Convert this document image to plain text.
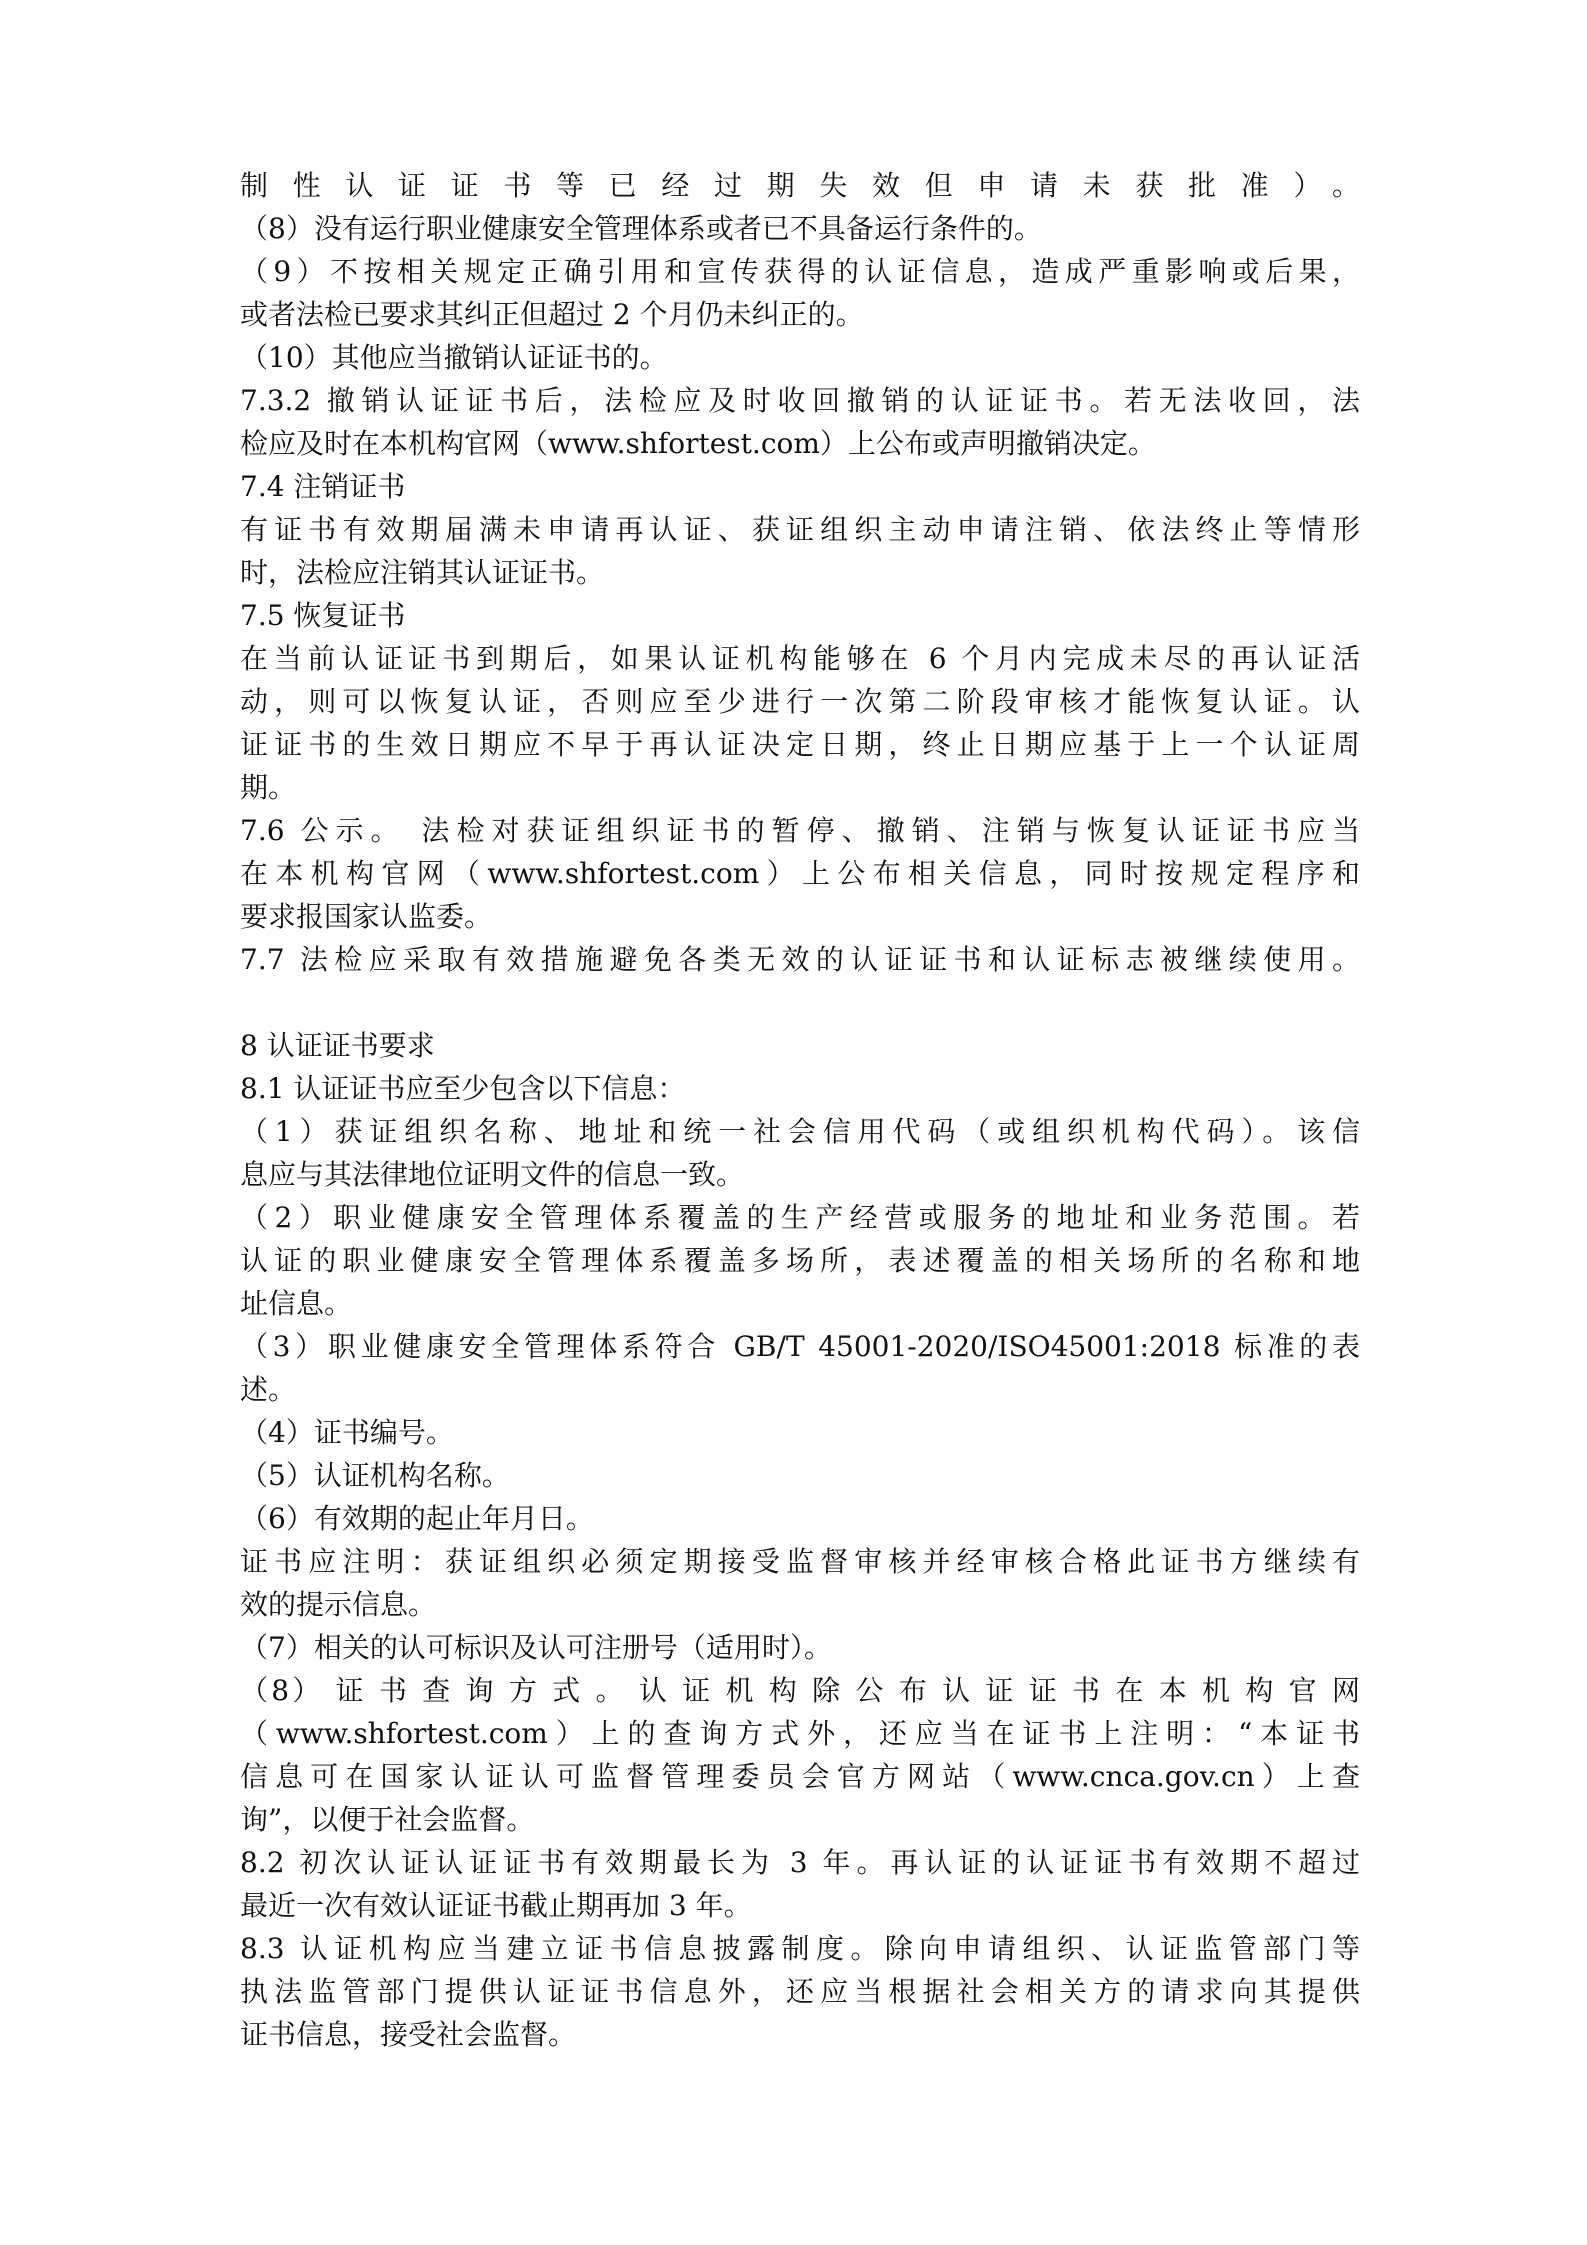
制性认证证书等已经过期失效但申请未获批准）。
（8）没有运行职业健康安全管理体系或者已不具备运行条件的。
（9）不按相关规定正确引用和宣传获得的认证信息，造成严重影响或后果，
或者法检已要求其纠正但超过 2 个月仍未纠正的。
（10）其他应当撤销认证证书的。
7.3.2 撤销认证证书后，法检应及时收回撤销的认证证书。若无法收回，法
检应及时在本机构官网（www.shfortest.com）上公布或声明撤销决定。
7.4 注销证书
有证书有效期届满未申请再认证、获证组织主动申请注销、依法终止等情形
时，法检应注销其认证证书。
7.5 恢复证书
在当前认证证书到期后，如果认证机构能够在 6 个月内完成未尽的再认证活
动，则可以恢复认证，否则应至少进行一次第二阶段审核才能恢复认证。认
证证书的生效日期应不早于再认证决定日期，终止日期应基于上一个认证周
期。
7.6 公示。 法检对获证组织证书的暂停、撤销、注销与恢复认证证书应当
在本机构官网（www.shfortest.com）上公布相关信息，同时按规定程序和
要求报国家认监委。
7.7 法检应采取有效措施避免各类无效的认证证书和认证标志被继续使用。
8 认证证书要求
8.1 认证证书应至少包含以下信息：
（1）获证组织名称、地址和统一社会信用代码（或组织机构代码）。该信
息应与其法律地位证明文件的信息一致。
（2）职业健康安全管理体系覆盖的生产经营或服务的地址和业务范围。若
认证的职业健康安全管理体系覆盖多场所，表述覆盖的相关场所的名称和地
址信息。
（3）职业健康安全管理体系符合 GB/T 45001-2020/ISO45001:2018 标准的表
述。
（4）证书编号。
（5）认证机构名称。
（6）有效期的起止年月日。
证书应注明：获证组织必须定期接受监督审核并经审核合格此证书方继续有
效的提示信息。
（7）相关的认可标识及认可注册号（适用时）。
（8） 证 书 查 询 方 式 。 认 证 机 构 除 公 布 认 证 证 书 在 本 机 构 官 网
（www.shfortest.com）上的查询方式外，还应当在证书上注明：“本证书
信息可在国家认证认可监督管理委员会官方网站（www.cnca.gov.cn）上查
询”，以便于社会监督。
8.2 初次认证认证证书有效期最长为 3 年。再认证的认证证书有效期不超过
最近一次有效认证证书截止期再加 3 年。
8.3 认证机构应当建立证书信息披露制度。除向申请组织、认证监管部门等
执法监管部门提供认证证书信息外，还应当根据社会相关方的请求向其提供
证书信息，接受社会监督。
